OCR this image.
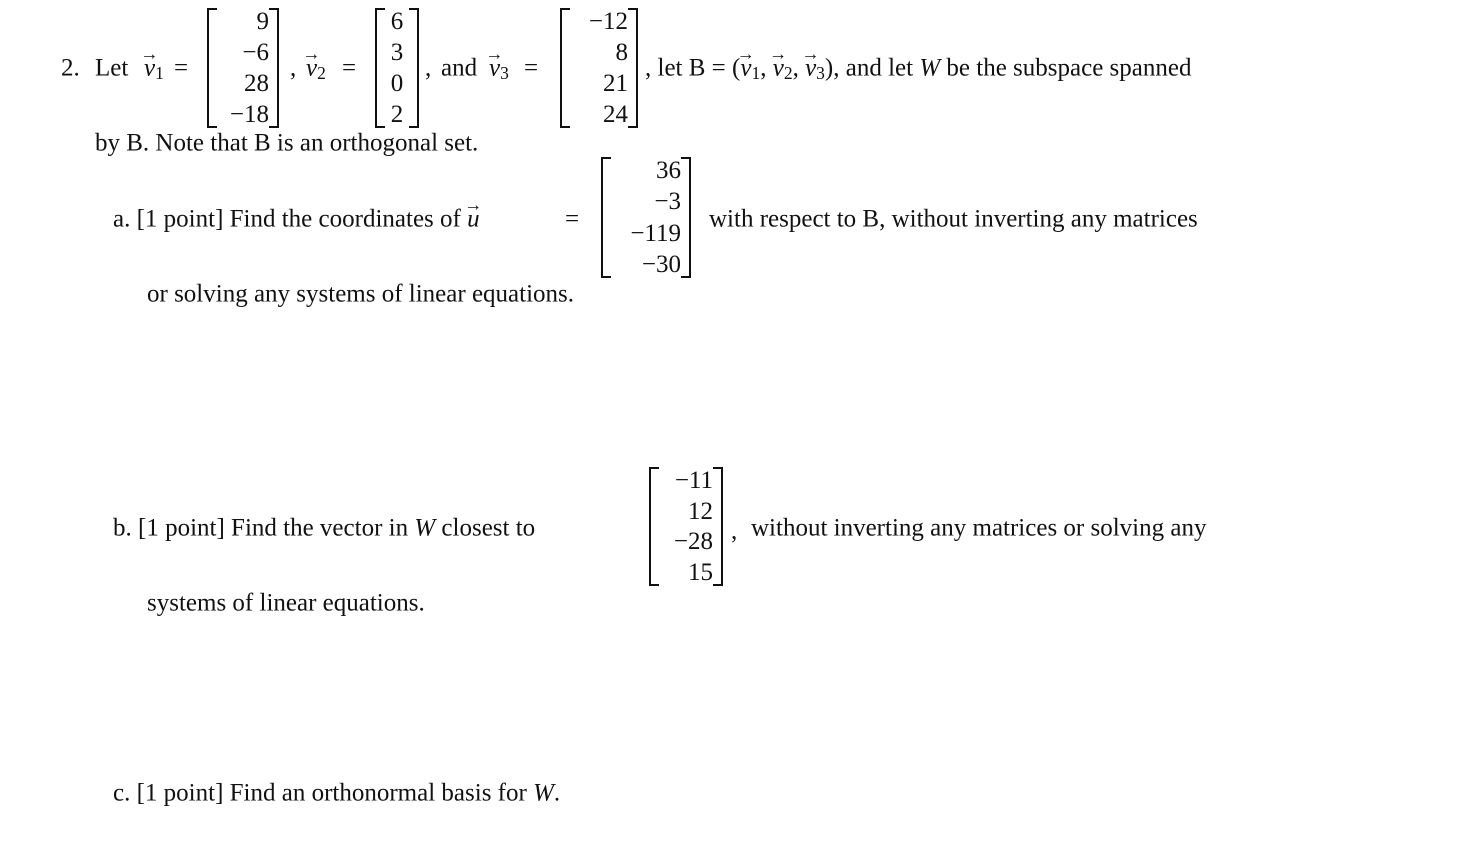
2. Let → $v_1$ =
9
−6
28
−18
, → $v_2$ =
6
3
0
2
, and → $v_3$ =
−12
8
21
24
, let B = (→ $v_1$, → $v_2$, → $v_3$), and let W be the subspace spanned
by B. Note that B is an orthogonal set.
a. [1 point] Find the coordinates of → u	=
36
−3
−119
−30
with respect to B, without inverting any matrices
or solving any systems of linear equations.
b. [1 point] Find the vector in W closest to
−11
12
−28
15
, without inverting any matrices or solving any
systems of linear equations.
c. [1 point] Find an orthonormal basis for W.
